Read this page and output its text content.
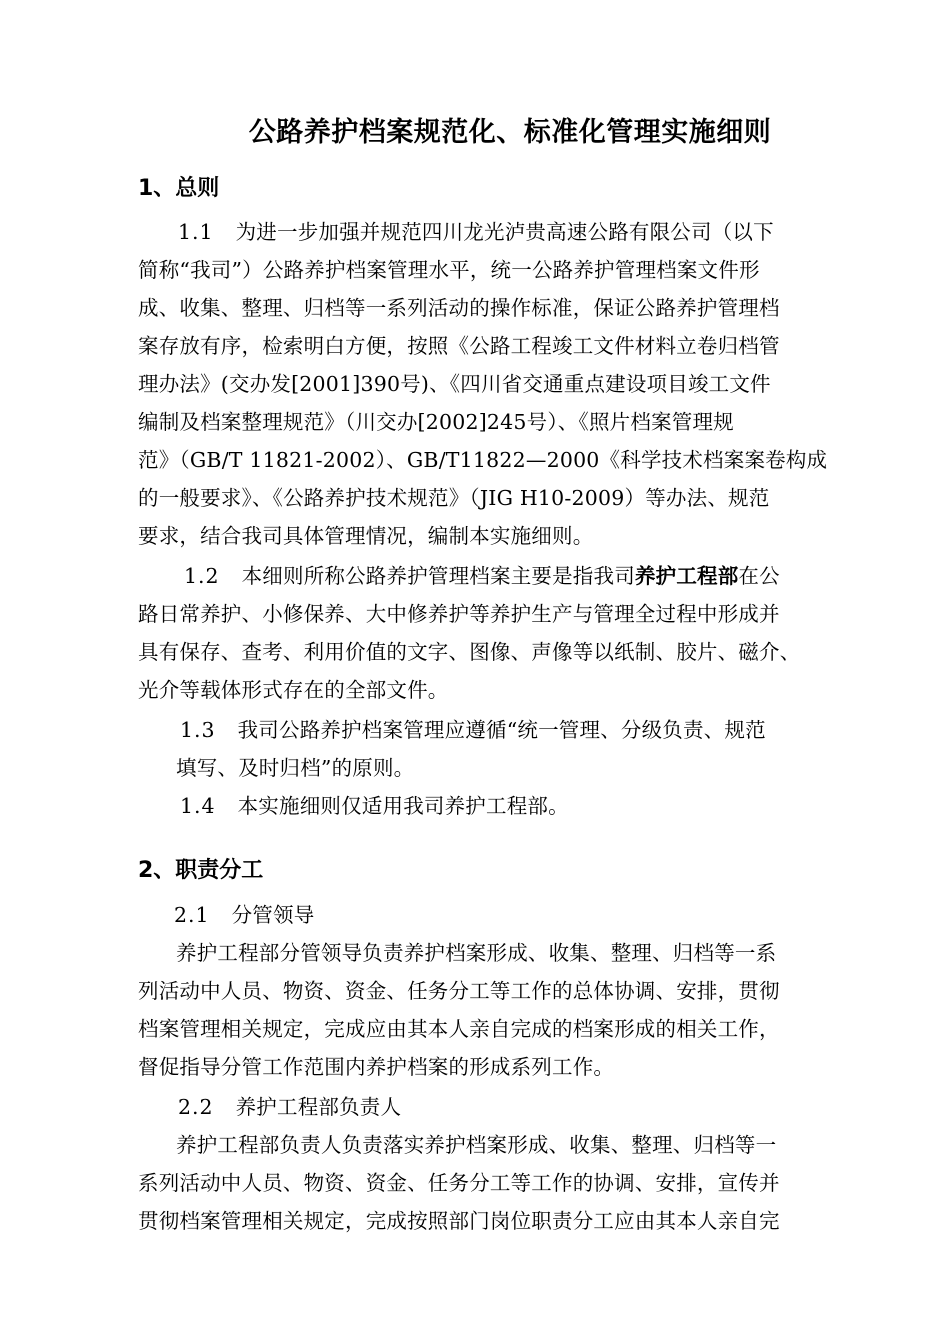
公路养护档案规范化、标准化管理实施细则
1、总则
1.1 为进一步加强并规范四川龙光泸贵高速公路有限公司（以下
简称“我司”）公路养护档案管理水平，统一公路养护管理档案文件形
成、收集、整理、归档等一系列活动的操作标准，保证公路养护管理档
案存放有序，检索明白方便，按照《公路工程竣工文件材料立卷归档管
理办法》(交办发[2001]390号)、《四川省交通重点建设项目竣工文件
编制及档案整理规范》（川交办[2002]245号）、《照片档案管理规
范》（GB/T 11821-2002）、GB/T11822—2000《科学技术档案案卷构成
的一般要求》、《公路养护技术规范》（JIG H10-2009）等办法、规范
要求，结合我司具体管理情况，编制本实施细则。
1.2 本细则所称公路养护管理档案主要是指我司养护工程部在公
路日常养护、小修保养、大中修养护等养护生产与管理全过程中形成并
具有保存、查考、利用价值的文字、图像、声像等以纸制、胶片、磁介、
光介等载体形式存在的全部文件。
1.3 我司公路养护档案管理应遵循“统一管理、分级负责、规范
填写、及时归档”的原则。
1.4 本实施细则仅适用我司养护工程部。
2、职责分工
2.1 分管领导
养护工程部分管领导负责养护档案形成、收集、整理、归档等一系
列活动中人员、物资、资金、任务分工等工作的总体协调、安排，贯彻
档案管理相关规定，完成应由其本人亲自完成的档案形成的相关工作，
督促指导分管工作范围内养护档案的形成系列工作。
2.2 养护工程部负责人
养护工程部负责人负责落实养护档案形成、收集、整理、归档等一
系列活动中人员、物资、资金、任务分工等工作的协调、安排，宣传并
贯彻档案管理相关规定，完成按照部门岗位职责分工应由其本人亲自完
